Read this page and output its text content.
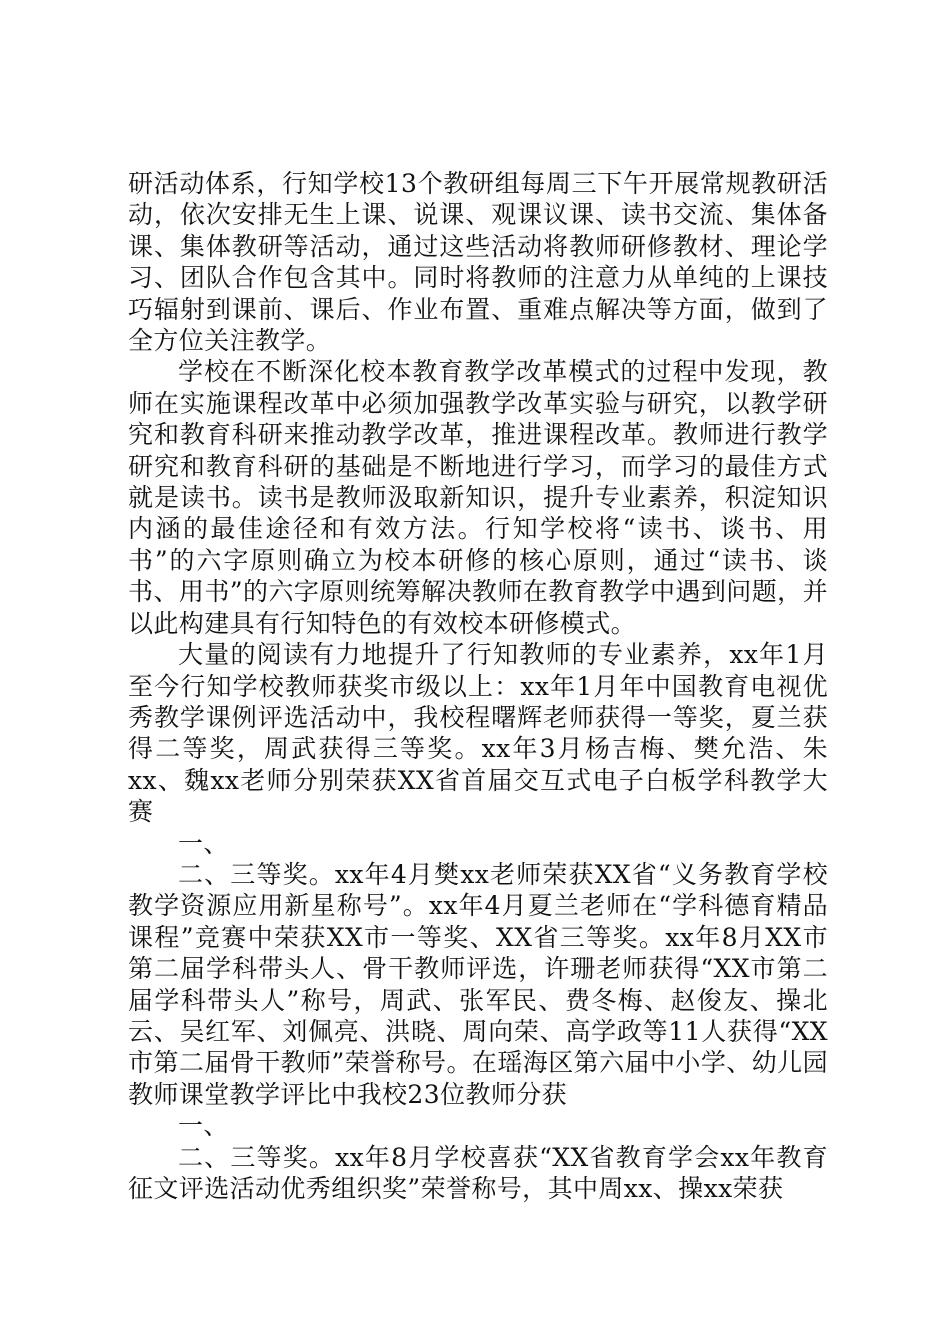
研活动体系，行知学校13个教研组每周三下午开展常规教研活动，依次安排无生上课、说课、观课议课、读书交流、集体备课、集体教研等活动，通过这些活动将教师研修教材、理论学习、团队合作包含其中。同时将教师的注意力从单纯的上课技巧辐射到课前、课后、作业布置、重难点解决等方面，做到了全方位关注教学。

学校在不断深化校本教育教学改革模式的过程中发现，教师在实施课程改革中必须加强教学改革实验与研究，以教学研究和教育科研来推动教学改革，推进课程改革。教师进行教学研究和教育科研的基础是不断地进行学习，而学习的最佳方式就是读书。读书是教师汲取新知识，提升专业素养，积淀知识内涵的最佳途径和有效方法。行知学校将“读书、谈书、用书”的六字原则确立为校本研修的核心原则，通过“读书、谈书、用书”的六字原则统筹解决教师在教育教学中遇到问题，并以此构建具有行知特色的有效校本研修模式。

大量的阅读有力地提升了行知教师的专业素养，xx年1月至今行知学校教师获奖市级以上：xx年1月年中国教育电视优秀教学课例评选活动中，我校程曙辉老师获得一等奖，夏兰获得二等奖，周武获得三等奖。xx年3月杨吉梅、樊允浩、朱xx、魏xx老师分别荣获XX省首届交互式电子白板学科教学大赛

一、

二、三等奖。xx年4月樊xx老师荣获XX省“义务教育学校教学资源应用新星称号”。xx年4月夏兰老师在“学科德育精品课程”竞赛中荣获XX市一等奖、XX省三等奖。xx年8月XX市第二届学科带头人、骨干教师评选，许珊老师获得“XX市第二届学科带头人”称号，周武、张军民、费冬梅、赵俊友、操北云、吴红军、刘佩亮、洪晓、周向荣、高学政等11人获得“XX市第二届骨干教师”荣誉称号。在瑶海区第六届中小学、幼儿园教师课堂教学评比中我校23位教师分获

一、

二、三等奖。xx年8月学校喜获“XX省教育学会xx年教育征文评选活动优秀组织奖”荣誉称号，其中周xx、操xx荣获
